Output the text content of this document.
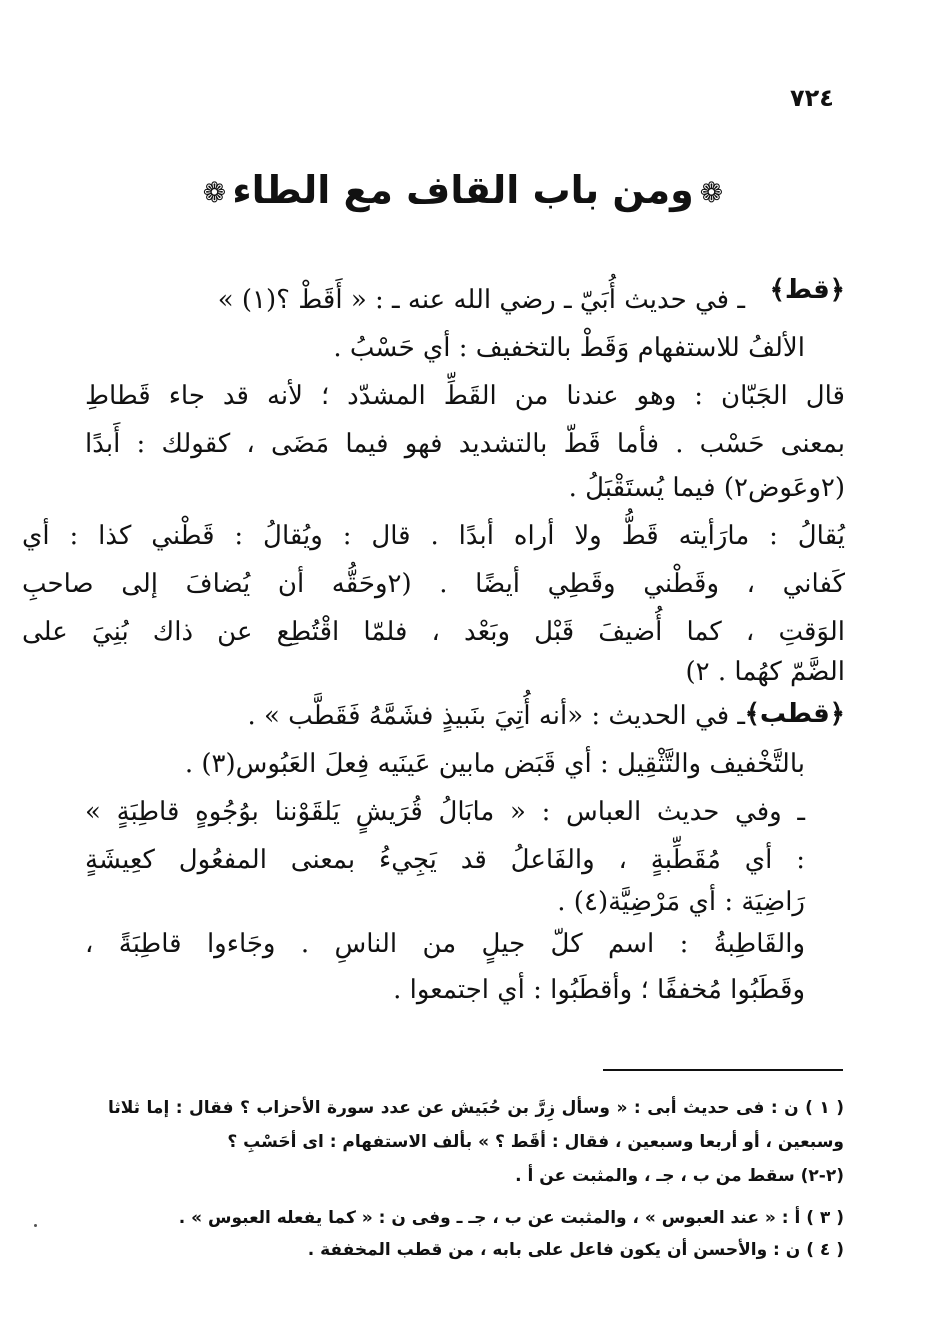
٧٢٤
❁ومن باب القاف مع الطاء❁
﴿قط﴾
ـ في حديث أُبَيّ ـ رضي الله عنه ـ : « أَقَطْ ؟(١) »
الألفُ للاستفهام وَقَطْ بالتخفيف : أي حَسْبُ .
قال الجَبّان : وهو عندنا من القَطِّ المشدّد ؛ لأنه قد جاء قَطاطِ
بمعنى حَسْب . فأما قَطّ بالتشديد فهو فيما مَضَى ، كقولك : أَبدًا
(٢وعَوض٢) فيما يُستَقْبَلُ .
يُقالُ : مارَأيته قَطُّ ولا أراه أبدًا . قال : ويُقالُ : قَطْني كذا : أي
كَفاني ، وقَطْني وقَطِي أيضًا . (٢وحَقُّه أن يُضافَ إلى صاحبِ
الوَقتِ ، كما أُضيفَ قَبْل وبَعْد ، فلمّا اقْتُطِع عن ذاك بُنِيَ على
الضَّمّ كهُما . ٢)
﴿قطب﴾
ـ في الحديث : «أنه أُتِيَ بنَبيذٍ فشَمَّهُ فَقَطَّب » .
بالتَّخْفيف والتَّثْقِيل : أي قَبَض مابين عَينَيه فِعلَ العَبُوس(٣) .
ـ وفي حديث العباس : « مابَالُ قُرَيشٍ يَلقَوْننا بوُجُوهٍ قاطِبَةٍ »
: أي مُقَطِّبةٍ ، والفَاعلُ قد يَجِيءُ بمعنى المفعُول كعِيشَةٍ
رَاضِيَة : أي مَرْضِيَّة(٤) .
والقَاطِبةُ : اسم كلّ جيلٍ من الناسِ . وجَاءوا قاطِبَةً ،
وقَطَبُوا مُخففًا ؛ وأقطَبُوا : أي اجتمعوا .
( ١ ) ن : فى حديث أبى : « وسأل زِرَّ بن حُبَيش عن عدد سورة الأحزاب ؟ فقال : إما ثلاثا
وسبعين ، أو أربعا وسبعين ، فقال : أقَط ؟ » بألف الاستفهام : اى أحَسْبِ ؟
(٢-٢) سقط من ب ، جـ ، والمثبت عن أ .
( ٣ ) أ : « عند العبوس » ، والمثبت عن ب ، جـ ـ وفى ن : « كما يفعله العبوس » .
( ٤ ) ن : والأحسن أن يكون فاعل على بابه ، من قطب المخففة .
